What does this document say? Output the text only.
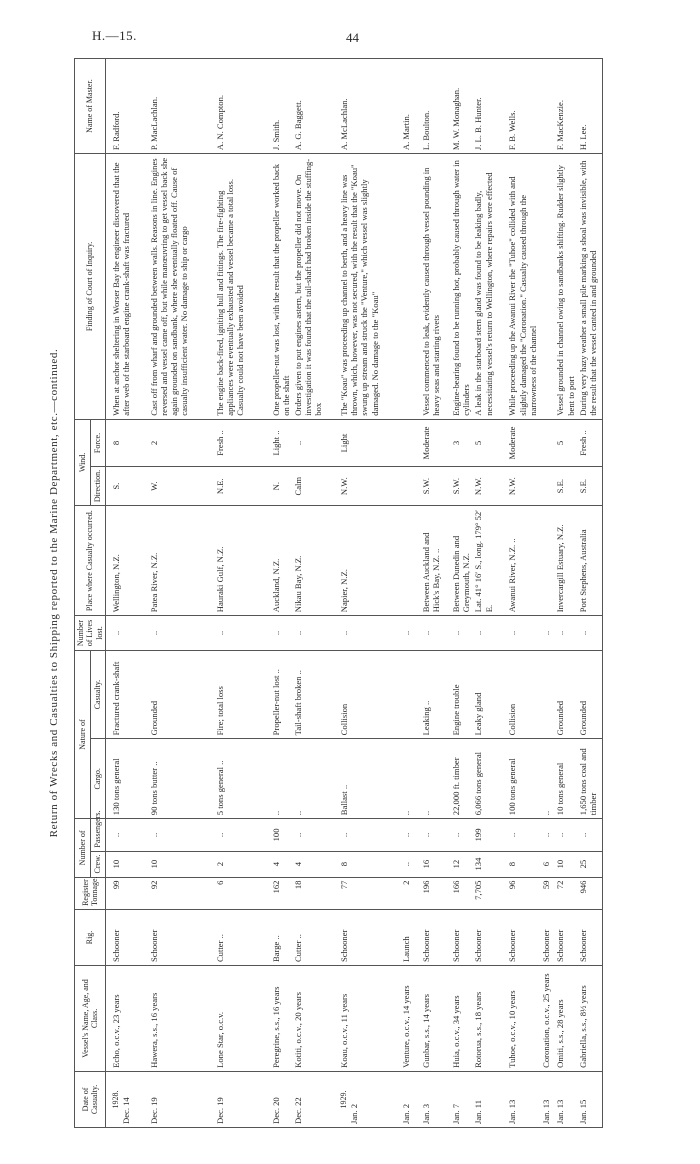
H.—15.	44
Return of Wrecks and Casualties to Shipping reported to the Marine Department, etc.—continued.
Date of Casualty.	Vessel's Name, Age, and Class.	Rig.	Register Tonnage.	Number of		Nature of		Number of Lives lost.	Place where Casualty occurred.	Wind.		Finding of Court of Inquiry.	Name of Master.
				Crew.	Passengers.	Cargo.	Casualty.			Direction.	Force.		

1928. Dec. 14	Echo, o.c.v., 23 years	Schooner	99	10	..	130 tons general	Fractured crank-shaft	..	Wellington, N.Z.	S.	8	When at anchor sheltering in Worser Bay the engineer discovered that the after web of the starboard engine crank-shaft was fractured	F. Radford.
Dec. 19	Hawera, s.s., 16 years	Schooner	92	10	..	90 tons butter ..	Grounded	..	Patea River, N.Z.	W.	2	Cast off from wharf and grounded between walls. Reasons in line. Engines reversed and vessel came off, but while manœuvring to get vessel back she again grounded on sandbank, where she eventually floated off. Cause of casualty insufficient water. No damage to ship or cargo	P. MacLachlan.
Dec. 19	Lone Star, o.c.v.	Cutter ..	6	2	..	5 tons general ..	Fire; total loss	..	Hauraki Gulf, N.Z.	N.E.	Fresh ..	The engine back-fired, igniting hull and fittings. The fire-fighting appliances were eventually exhausted and vessel became a total loss. Casualty could not have been avoided	A. N. Compton.
Dec. 20	Peregrine, s.s., 16 years	Barge ..	162	4	100	..	Propeller-nut lost ..	..	Auckland, N.Z.	N.	Light ..	One propeller-nut was lost, with the result that the propeller worked back on the shaft	J. Smith.
Dec. 22	Kotiti, o.c.v., 20 years	Cutter ..	18	4	..	..	Tail-shaft broken ..	..	Nikau Bay, N.Z.	Calm	..	Orders given to put engines astern, but the propeller did not move. On investigation it was found that the tail-shaft had broken inside the stuffing-box	A. G. Baggett.

1929.
Jan. 2	Koau, o.c.v., 11 years	Schooner	77	8	..	Ballast ..	Collision	..	Napier, N.Z.	N.W.	Light	The "Koau" was proceeding up channel to berth, and a heavy line was thrown, which, however, was not secured, with the result that the "Koau" swung up stream and struck the "Venture," which vessel was slightly damaged. No damage to the "Koau"	A. McLachlan.
Jan. 2	Venture, o.c.v., 14 years	Launch	2	..	..	..		..					A. Martin.
Jan. 3	Gunbar, s.s., 14 years	Schooner	196	16	..	..	Leaking ..	..	Between Auckland and Hick's Bay, N.Z. ..	S.W.	Moderate	Vessel commenced to leak, evidently caused through vessel pounding in heavy seas and starting rivets	L. Boulton.
Jan. 7	Huia, o.c.v., 34 years	Schooner	166	12	..	22,000 ft. timber	Engine trouble	..	Between Dunedin and Greymouth, N.Z.	S.W.	3	Engine-bearing found to be running hot, probably caused through water in cylinders	M. W. Monaghan.
Jan. 11	Rotorua, s.s., 18 years	Schooner	7,705	134	199	6,066 tons general	Leaky gland	..	Lat. 41° 16′ S., long. 179° 52′ E.	N.W.	5	A leak in the starboard stern gland was found to be leaking badly, necessitating vessel's return to Wellington, where repairs were effected	J. L. B. Hunter.
Jan. 13	Tuhoe, o.c.v., 10 years	Schooner	96	8	..	100 tons general	Collision	..	Awanui River, N.Z. ..	N.W.	Moderate	While proceeding up the Awanui River the "Tuhoe" collided with and slightly damaged the "Coronation." Casualty caused through the narrowness of the channel	F. B. Wells.
Jan. 13	Coronation, o.c.v., 25 years	Schooner	59	6	..	..		..					
Jan. 13	Omiti, s.s., 28 years	Schooner	72	10	..	10 tons general	Grounded	..	Invercargill Estuary, N.Z.	S.E.	5	Vessel grounded in channel owing to sandbanks shifting. Rudder slightly bent to port	F. MacKenzie.
Jan. 15	Gabriella, s.s., 8½ years	Schooner	946	25	..	1,650 tons coal and timber	Grounded	..	Port Stephens, Australia	S.E.	Fresh ..	During very hazy weather a small pile marking a shoal was invisible, with the result that the vessel canted in and grounded	H. Lee.
